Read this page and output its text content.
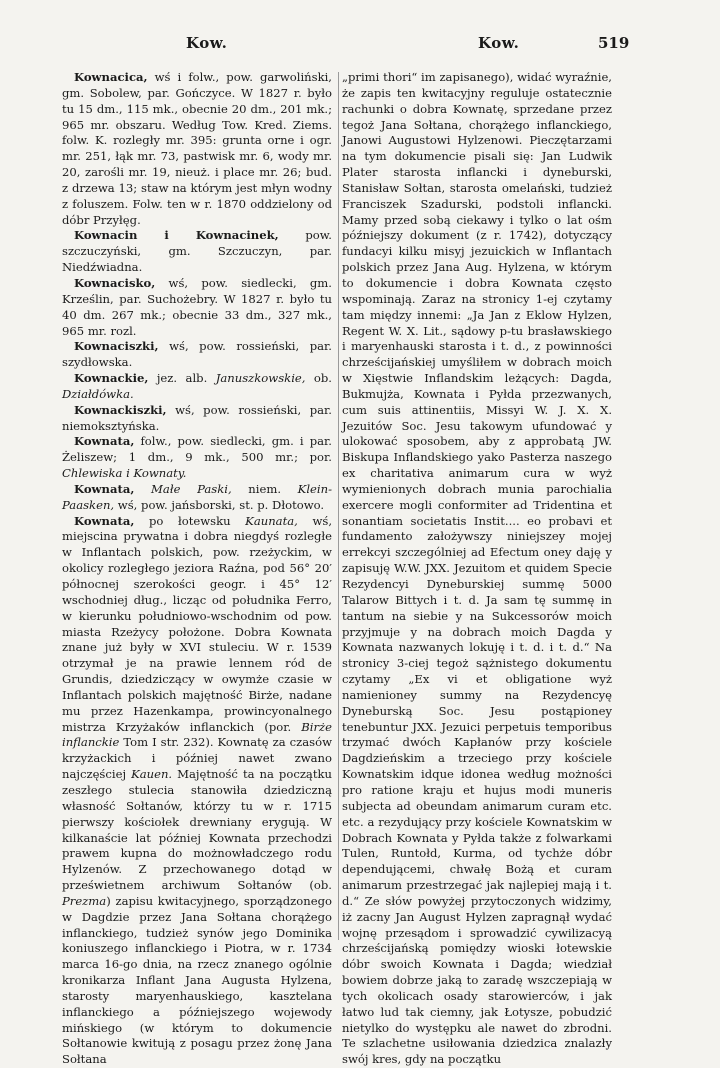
Kow.	Kow.	519

Kownacica, wś i folw., pow. garwoliński, gm. Sobolew, par. Gończyce. W 1827 r. było tu 15 dm., 115 mk., obecnie 20 dm., 201 mk.; 965 mr. obszaru. Według Tow. Kred. Ziems. folw. K. rozległy mr. 395: grunta orne i ogr. mr. 251, łąk mr. 73, pastwisk mr. 6, wody mr. 20, zarośli mr. 19, nieuż. i place mr. 26; bud. z drzewa 13; staw na którym jest młyn wodny z foluszem. Folw. ten w r. 1870 oddzielony od dóbr Przyłęg.

Kownacin i Kownacinek, pow. szczuczyński, gm. Szczuczyn, par. Niedźwiadna.

Kownacisko, wś, pow. siedlecki, gm. Krześlin, par. Suchożebry. W 1827 r. było tu 40 dm. 267 mk.; obecnie 33 dm., 327 mk., 965 mr. rozl.

Kownaciszki, wś, pow. rossieński, par. szydłowska.

Kownackie, jez. alb. Januszkowskie, ob. Działdówka.

Kownackiszki, wś, pow. rossieński, par. niemoksztyńska.

Kownata, folw., pow. siedlecki, gm. i par. Żeliszew; 1 dm., 9 mk., 500 mr.; por. Chlewiska i Kownaty.

Kownata, Małe Paski, niem. Klein-Paasken, wś, pow. jańsborski, st. p. Dłotowo.

Kownata, po łotewsku Kaunata, wś, miejscina prywatna i dobra niegdyś rozległe w Inflantach polskich, pow. rzeżyckim, w okolicy rozległego jeziora Raźna, pod 56° 20′ północnej szerokości geogr. i 45° 12′ wschodniej dług., licząc od południka Ferro, w kierunku południowo-wschodnim od pow. miasta Rzeżycy położone. Dobra Kownata znane już były w XVI stuleciu. W r. 1539 otrzymał je na prawie lennem ród de Grundis, dziedziczący w owymże czasie w Inflantach polskich majętność Birże, nadane mu przez Hazenkampa, prowincyonalnego mistrza Krzyżaków inflanckich (por. Birże inflanckie Tom I str. 232). Kownatę za czasów krzyżackich i później nawet zwano najczęściej Kauen. Majętność ta na początku zeszłego stulecia stanowiła dziedziczną własność Sołtanów, którzy tu w r. 1715 pierwszy kościołek drewniany erygują. W kilkanaście lat później Kownata przechodzi prawem kupna do możnowładczego rodu Hylzenów. Z przechowanego dotąd w prześwietnem archiwum Sołtanów (ob. Prezma) zapisu kwitacyjnego, sporządzonego w Dagdzie przez Jana Sołtana chorążego inflanckiego, tudzież synów jego Dominika koniuszego inflanckiego i Piotra, w r. 1734 marca 16-go dnia, na rzecz znanego ogólnie kronikarza Inflant Jana Augusta Hylzena, starosty maryenhauskiego, kasztelana inflanckiego a późniejszego wojewody mińskiego (w którym to dokumencie Sołtanowie kwitują z posagu przez żonę Jana Sołtana

„primi thori“ im zapisanego), widać wyraźnie, że zapis ten kwitacyjny reguluje ostatecznie rachunki o dobra Kownatę, sprzedane przez tegoż Jana Sołtana, chorążego inflanckiego, Janowi Augustowi Hylzenowi. Pieczętarzami na tym dokumencie pisali się: Jan Ludwik Plater starosta inflancki i dyneburski, Stanisław Sołtan, starosta omelański, tudzież Franciszek Szadurski, podstoli inflancki. Mamy przed sobą ciekawy i tylko o lat ośm późniejszy dokument (z r. 1742), dotyczący fundacyi kilku misyj jezuickich w Inflantach polskich przez Jana Aug. Hylzena, w którym to dokumencie i dobra Kownata często wspominają. Zaraz na stronicy 1-ej czytamy tam między innemi: „Ja Jan z Eklow Hylzen, Regent W. X. Lit., sądowy p-tu brasławskiego i maryenhauski starosta i t. d., z powinności chrześcijańskiej umyśliłem w dobrach moich w Xięstwie Inflandskim leżących: Dagda, Bukmujża, Kownata i Pyłda przezwanych, cum suis attinentiis, Missyi W. J. X. X. Jezuitów Soc. Jesu takowym ufundować y ulokować sposobem, aby z approbatą JW. Biskupa Inflandskiego yako Pasterza naszego ex charitativa animarum cura w wyż wymienionych dobrach munia parochialia exercere mogli conformiter ad Tridentina et sonantiam societatis Instit.... eo probavi et fundamento założywszy niniejszey mojej errekcyi szczególniej ad Efectum oney daję y zapisuję W.W. JXX. Jezuitom et quidem Specie Rezydencyi Dyneburskiej summę 5000 Talarow Bittych i t. d. Ja sam tę summę in tantum na siebie y na Sukcessorów moich przyjmuje y na dobrach moich Dagda y Kownata nazwanych lokuję i t. d. i t. d.“ Na stronicy 3-ciej tegoż sążnistego dokumentu czytamy „Ex vi et obligatione wyż namienioney summy na Rezydencyę Dyneburską Soc. Jesu postąpioney tenebuntur JXX. Jezuici perpetuis temporibus trzymać dwóch Kapłanów przy kościele Dagdzieńskim a trzeciego przy kościele Kownatskim idque idonea według możności pro ratione kraju et hujus modi muneris subjecta ad obeundam animarum curam etc. etc. a rezydujący przy kościele Kownatskim w Dobrach Kownata y Pyłda także z folwarkami Tulen, Runtołd, Kurma, od tychże dóbr dependującemi, chwałę Bożą et curam animarum przestrzegać jak najlepiej mają i t. d.“ Ze słów powyżej przytoczonych widzimy, iż zacny Jan August Hylzen zapragnął wydać wojnę przesądom i sprowadzić cywilizacyą chrześcijańską pomiędzy wioski łotewskie dóbr swoich Kownata i Dagda; wiedział bowiem dobrze jaką to zaradę wszczepiają w tych okolicach osady starowierców, i jak łatwo lud tak ciemny, jak Łotysze, pobudzić nietylko do występku ale nawet do zbrodni. Te szlachetne usiłowania dziedzica znalazły swój kres, gdy na początku
